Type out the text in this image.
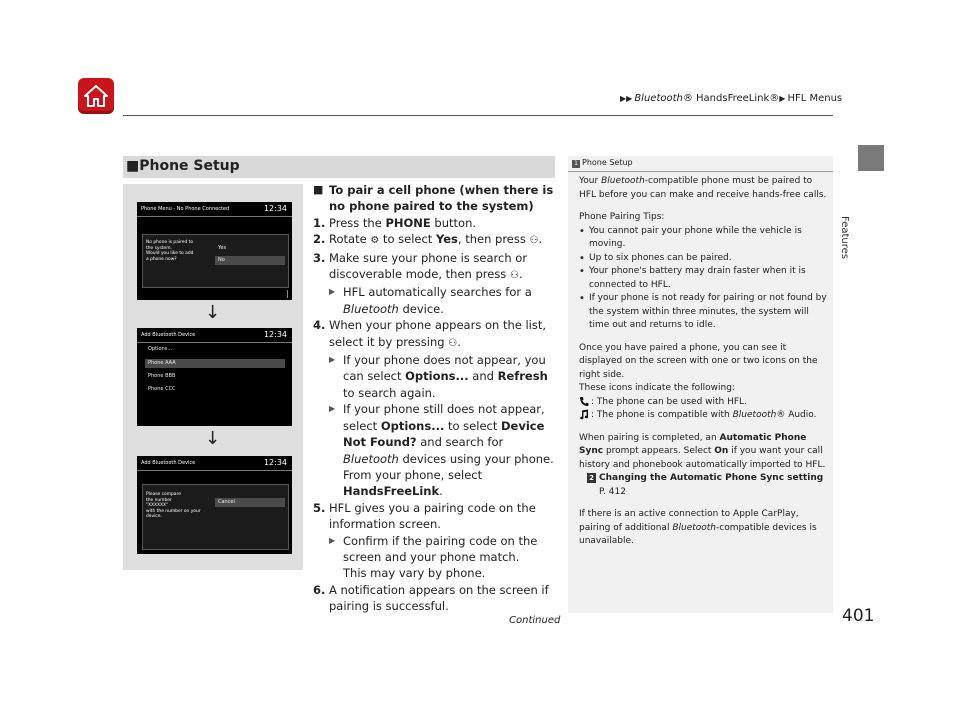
▶▶ Bluetooth® HandsFreeLink®▶ HFL Menus
Features
■Phone Setup
Phone Menu - No Phone Connected	12:34
No phone is paired to
the system.
Would you like to add
a phone now?
Yes
No
↓
Add Bluetooth Device	12:34
Options...
Phone AAA
Phone BBB
Phone CCC
↓
Add Bluetooth Device	12:34
Please compare
the number
"XXXXXX"
with the number on your
device.
Cancel

■ To pair a cell phone (when there is no phone paired to the system)

1. Press the PHONE button.

2. Rotate ⚙ to select Yes, then press ⚇.

3. Make sure your phone is search or discoverable mode, then press ⚇.

▶ HFL automatically searches for a Bluetooth device.

4. When your phone appears on the list, select it by pressing ⚇.

▶ If your phone does not appear, you can select Options... and Refresh to search again.

▶ If your phone still does not appear, select Options... to select Device Not Found? and search for Bluetooth devices using your phone. From your phone, select HandsFreeLink.

5. HFL gives you a pairing code on the information screen.

▶ Confirm if the pairing code on the screen and your phone match.
This may vary by phone.

6. A notification appears on the screen if pairing is successful.

1 Phone Setup

Your Bluetooth-compatible phone must be paired to HFL before you can make and receive hands-free calls.

Phone Pairing Tips:

• You cannot pair your phone while the vehicle is moving.

• Up to six phones can be paired.

• Your phone's battery may drain faster when it is connected to HFL.

• If your phone is not ready for pairing or not found by the system within three minutes, the system will time out and returns to idle.

Once you have paired a phone, you can see it displayed on the screen with one or two icons on the right side.

These icons indicate the following:

: The phone can be used with HFL.

: The phone is compatible with Bluetooth® Audio.

When pairing is completed, an Automatic Phone Sync prompt appears. Select On if you want your call history and phonebook automatically imported to HFL.

2 Changing the Automatic Phone Sync setting P. 412

If there is an active connection to Apple CarPlay, pairing of additional Bluetooth-compatible devices is unavailable.

Continued	401
